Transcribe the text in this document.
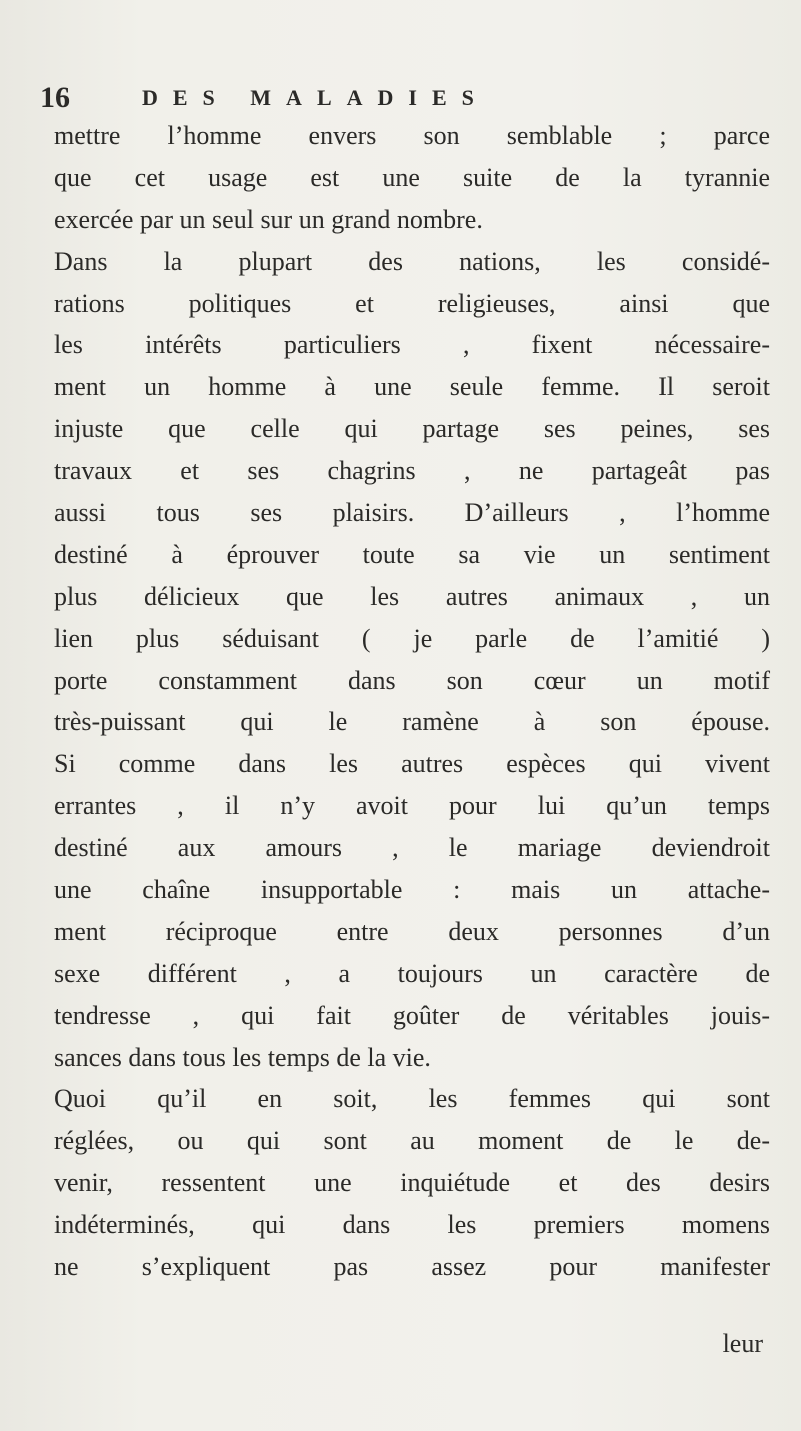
16	DES MALADIES
mettre l’homme envers son semblable ; parce
que cet usage est une suite de la tyrannie
exercée par un seul sur un grand nombre.
Dans la plupart des nations, les considé-
rations politiques et religieuses, ainsi que
les intérêts particuliers , fixent nécessaire-
ment un homme à une seule femme. Il seroit
injuste que celle qui partage ses peines, ses
travaux et ses chagrins , ne partageât pas
aussi tous ses plaisirs. D’ailleurs , l’homme
destiné à éprouver toute sa vie un sentiment
plus délicieux que les autres animaux , un
lien plus séduisant ( je parle de l’amitié )
porte constamment dans son cœur un motif
très-puissant qui le ramène à son épouse.
Si comme dans les autres espèces qui vivent
errantes , il n’y avoit pour lui qu’un temps
destiné aux amours , le mariage deviendroit
une chaîne insupportable : mais un attache-
ment réciproque entre deux personnes d’un
sexe différent , a toujours un caractère de
tendresse , qui fait goûter de véritables jouis-
sances dans tous les temps de la vie.
Quoi qu’il en soit, les femmes qui sont
réglées, ou qui sont au moment de le de-
venir, ressentent une inquiétude et des desirs
indéterminés, qui dans les premiers momens
ne s’expliquent pas assez pour manifester
leur
